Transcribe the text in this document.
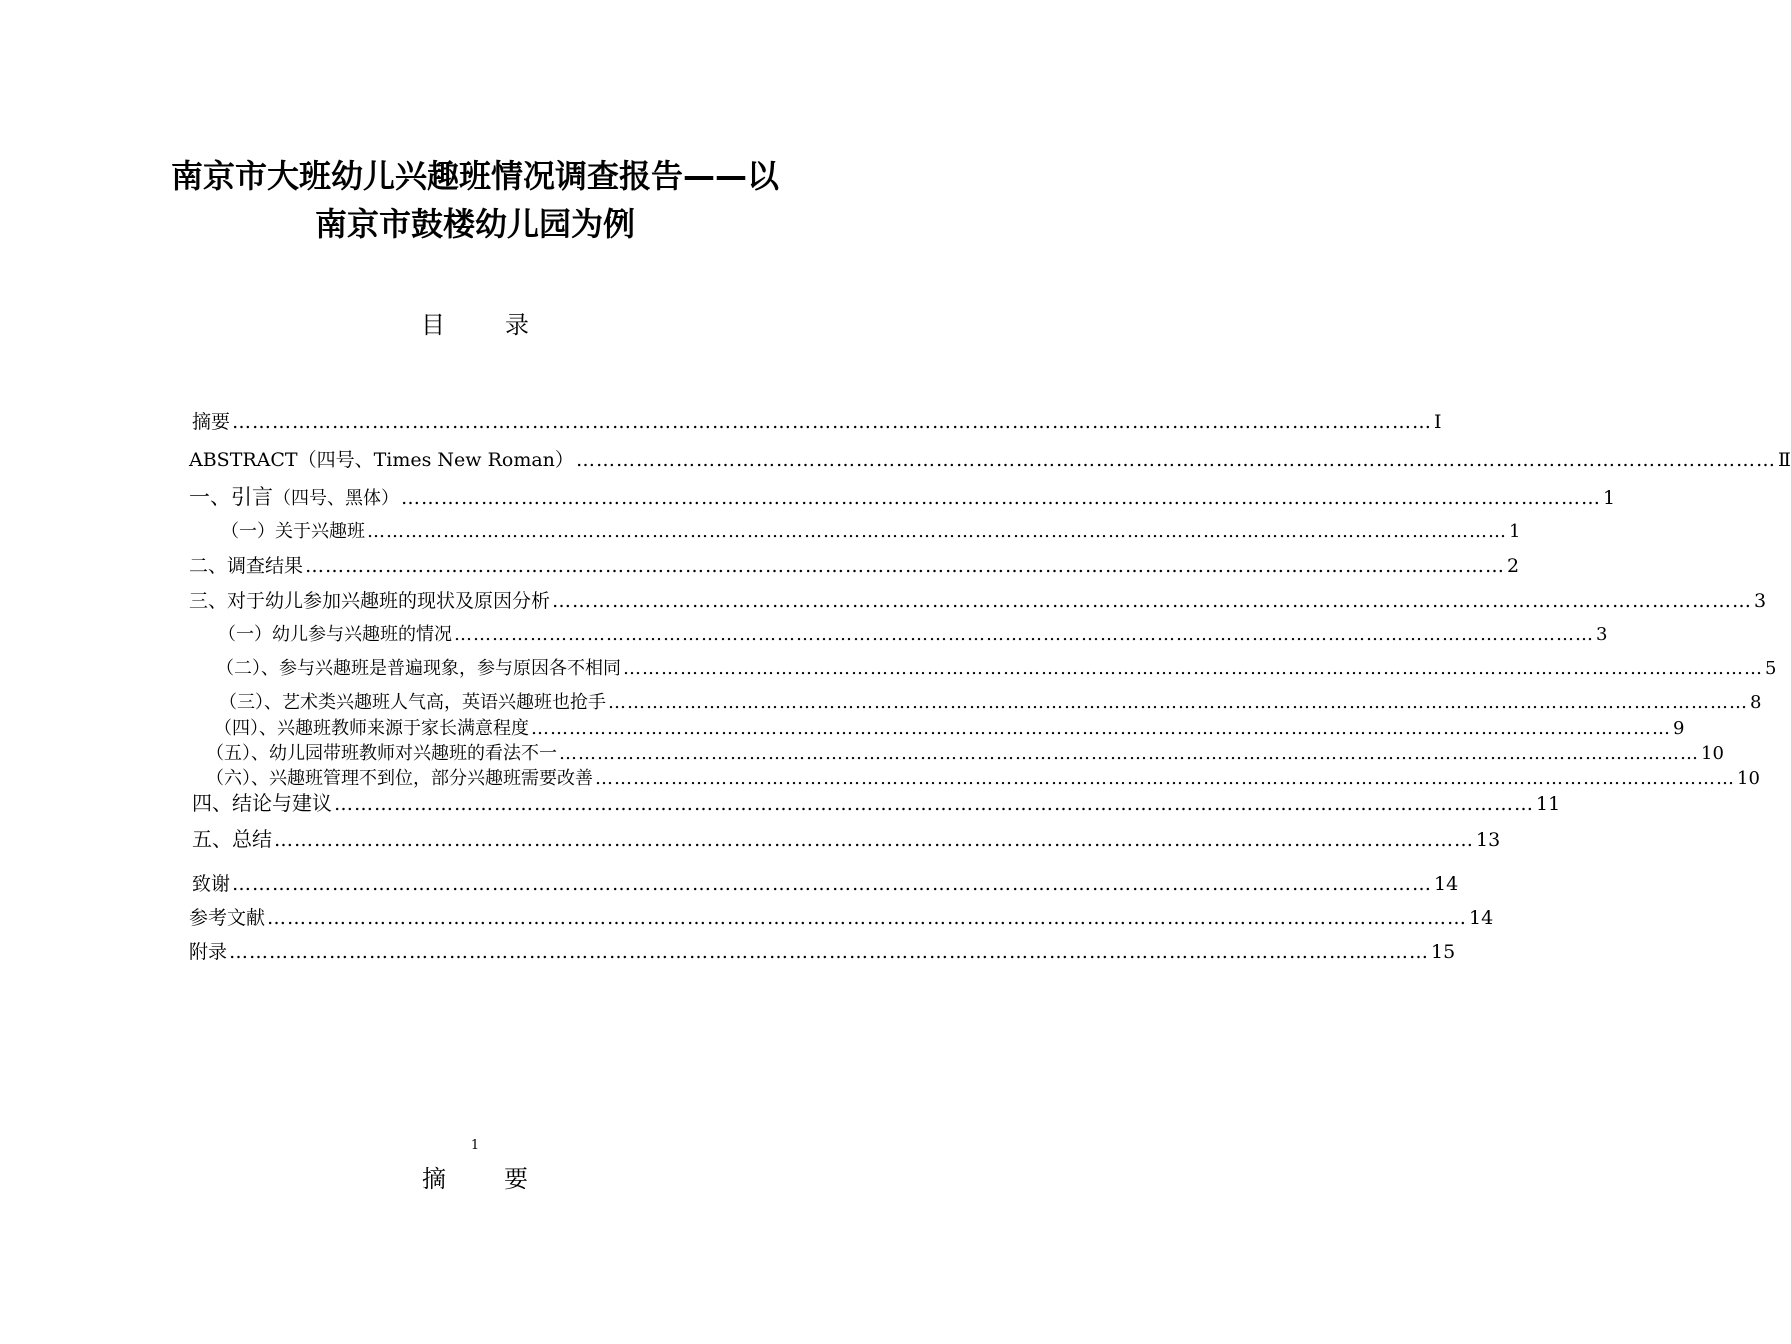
南京市大班幼儿兴趣班情况调查报告——以
南京市鼓楼幼儿园为例
目录
摘要 ……………………………………………………………………………………………………………………………………………………………… Ⅰ
ABSTRACT（四号、Times New Roman） ……………………………………………………………………………………………………………………………………………………………… Ⅱ
一、引言（四号、黑体） ……………………………………………………………………………………………………………………………………………………………… 1
（一）关于兴趣班 ……………………………………………………………………………………………………………………………………………………………… 1
二、调查结果 ……………………………………………………………………………………………………………………………………………………………… 2
三、对于幼儿参加兴趣班的现状及原因分析 ……………………………………………………………………………………………………………………………………………………………… 3
（一）幼儿参与兴趣班的情况 ……………………………………………………………………………………………………………………………………………………………… 3
（二）、参与兴趣班是普遍现象，参与原因各不相同 ……………………………………………………………………………………………………………………………………………………………… 5
（三）、艺术类兴趣班人气高，英语兴趣班也抢手 ……………………………………………………………………………………………………………………………………………………………… 8
（四）、兴趣班教师来源于家长满意程度 ……………………………………………………………………………………………………………………………………………………………… 9
（五）、幼儿园带班教师对兴趣班的看法不一 ……………………………………………………………………………………………………………………………………………………………… 10
（六）、兴趣班管理不到位，部分兴趣班需要改善 ……………………………………………………………………………………………………………………………………………………………… 10
四、结论与建议 ……………………………………………………………………………………………………………………………………………………………… 11
五、总结 ……………………………………………………………………………………………………………………………………………………………… 13
致谢 ……………………………………………………………………………………………………………………………………………………………… 14
参考文献 ……………………………………………………………………………………………………………………………………………………………… 14
附录 ……………………………………………………………………………………………………………………………………………………………… 15
1
摘要
